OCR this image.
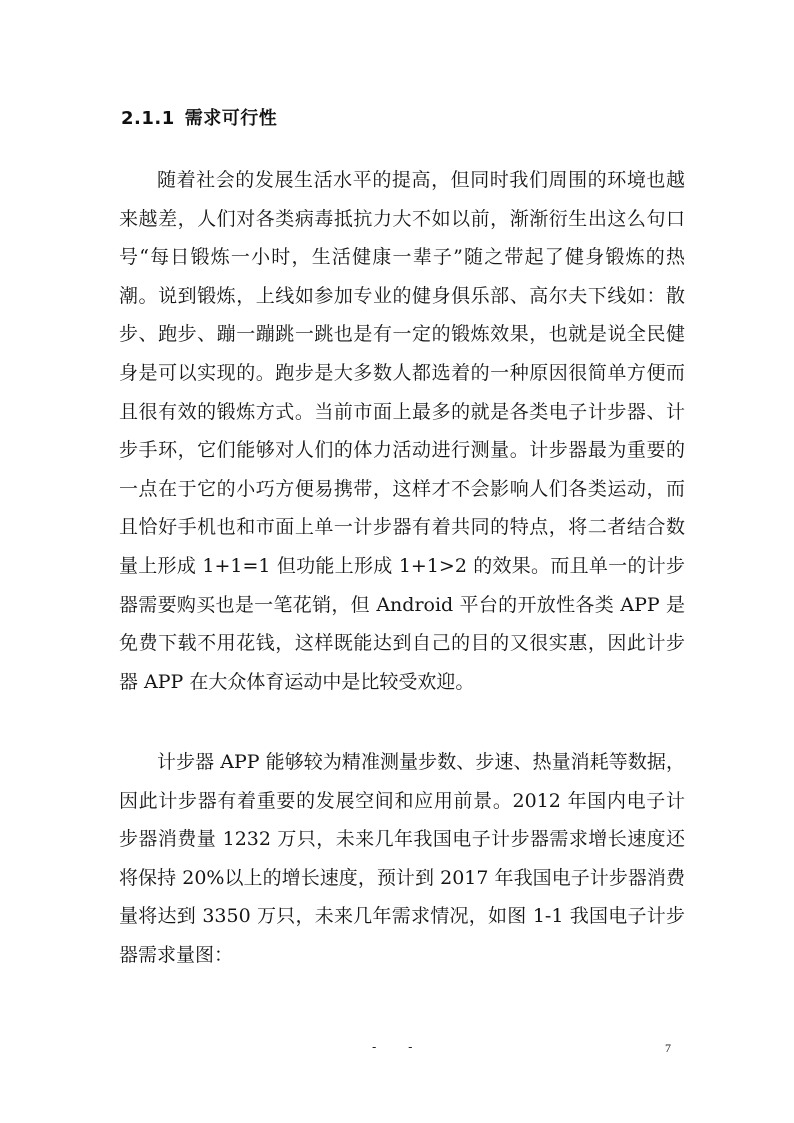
2.1.1 需求可行性

随着社会的发展生活水平的提高，但同时我们周围的环境也越来越差，人们对各类病毒抵抗力大不如以前，渐渐衍生出这么句口号“每日锻炼一小时，生活健康一辈子”随之带起了健身锻炼的热潮。说到锻炼，上线如参加专业的健身俱乐部、高尔夫下线如：散步、跑步、蹦一蹦跳一跳也是有一定的锻炼效果，也就是说全民健身是可以实现的。跑步是大多数人都选着的一种原因很简单方便而且很有效的锻炼方式。当前市面上最多的就是各类电子计步器、计步手环，它们能够对人们的体力活动进行测量。计步器最为重要的一点在于它的小巧方便易携带，这样才不会影响人们各类运动，而且恰好手机也和市面上单一计步器有着共同的特点，将二者结合数量上形成 1+1=1 但功能上形成 1+1>2 的效果。而且单一的计步器需要购买也是一笔花销，但 Android 平台的开放性各类 APP 是免费下载不用花钱，这样既能达到自己的目的又很实惠，因此计步器 APP 在大众体育运动中是比较受欢迎。

计步器 APP 能够较为精准测量步数、步速、热量消耗等数据，因此计步器有着重要的发展空间和应用前景。2012 年国内电子计步器消费量 1232 万只，未来几年我国电子计步器需求增长速度还将保持 20%以上的增长速度，预计到 2017 年我国电子计步器消费量将达到 3350 万只，未来几年需求情况，如图 1-1 我国电子计步器需求量图：

- -	7
